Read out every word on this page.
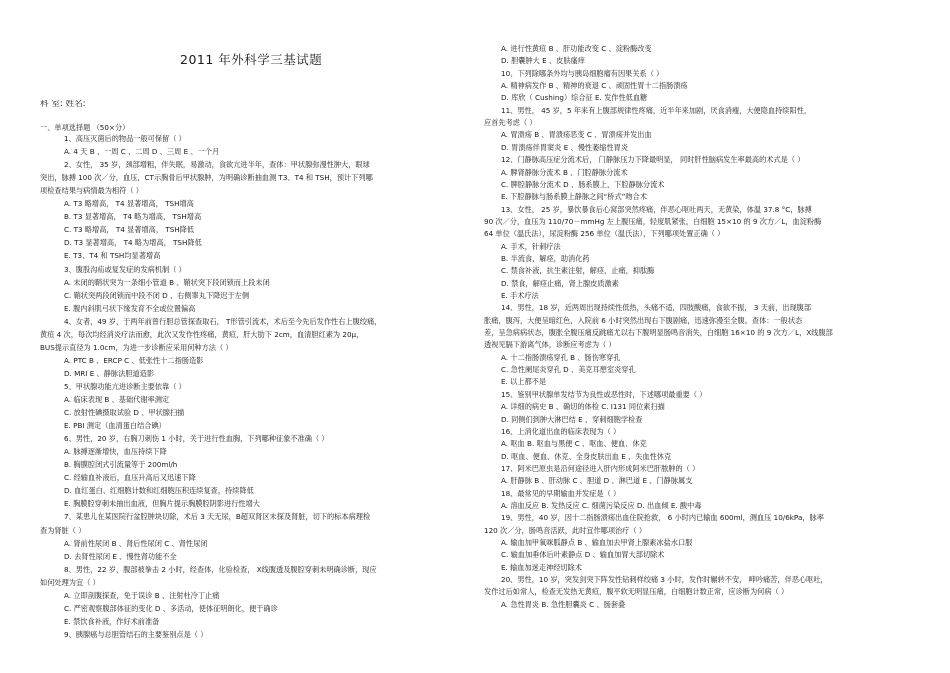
2011 年外科学三基试题
科 室: 姓名:
一、单项选择题 （50×分）
1、高压灭菌后的物品一般可保留（ ）
A. 4 天 B 、一周 C 、二周 D 、三周 E 、一个月
2、女性， 35 岁，颈部增粗，伴失眠，易激动，食欲亢进半年，查体：甲状腺弥漫性肿大，眼球
突出，脉搏 100 次／分，血压，CT示胸骨后甲状腺肿，为明确诊断抽血测 T3、T4 和 TSH，预计下列哪
项检查结果与病情最为相符（ ）
A. T3 略增高， T4 显著增高， TSH增高
B. T3 显著增高， T4 略为增高， TSH增高
C. T3 略增高， T4 显著增高， TSH降低
D. T3 显著增高， T4 略为增高， TSH降低
E. T3、T4 和 TSH均显著增高
3、腹股沟疝或复发症的发病机制（ ）
A. 未闭的鞘状突为一条细小管道 B 、鞘状突下段闭锁而上段未闭
C. 鞘状突两段闭锁而中段不闭 D 、右侧睾丸下降迟于左侧
E. 腹内斜肌弓状下缘发育不全或位置偏高
4、女者，49 岁，于两年前曾行胆总管探查取石， T形管引流术，术后至今先后发作性右上腹绞痛，
黄疸 4 次，每次均经消炎疗法而愈，此次又发作性疼痛，黄疸，肝大肋下 2cm，血清胆红素为 20μ，
BUS提示直径为 1.0cm，为进一步诊断应采用何种方法（ ）
A. PTC B 、ERCP C 、低张性十二指肠造影
D. MRI E 、静脉法胆道造影
5、甲状腺功能亢进诊断主要依靠（ ）
A. 临床表现 B 、基础代谢率测定
C. 放射性碘摄取试验 D 、甲状腺扫描
E. PBI 测定（血清蛋白结合碘）
6、男性，20 岁，右胸刀刺伤 1 小时，关于进行性血胸，下列哪种征象不准确（ ）
A. 脉搏逐渐增快，血压持续下降
B. 胸膜腔闭式引流量等于 200ml/h
C. 经输血补液后，血压升高后又迅速下降
D. 血红蛋白、红细胞计数和红细胞压积连续复查，持续降低
E. 胸膜腔穿刺未抽出血液，但胸片提示胸膜腔阴影进行性增大
7、某患儿在某医院行盆腔肿块切除，术后 3 天无尿，B超双肾区未探及肾脏，切下的标本病理检
查为肾脏（ ）
A. 肾前性尿闭 B 、肾后性尿闭 C 、肾性尿闭
D. 去肾性尿闭 E 、慢性肾功能不全
8、男性，22 岁，腹部被拳击 2 小时，经查体，化验检查， X线腹透及腹腔穿刺未明确诊断，现应
如何处理为宜（ ）
A. 立即剖腹探查，免于误诊 B 、注射杜冷丁止痛
C. 严密观察腹部体征的变化 D 、多活动，使体征明朗化，便于确诊
E. 禁饮食补液，作好术前准备
9、胰腺癌与总胆管结石的主要鉴别点是（ ）
A. 进行性黄疸 B 、肝功能改变 C 、淀粉酶改变
D. 胆囊肿大 E 、皮肤瘙痒
10、下列除哪条外均与胰岛细胞瘤有因果关系（ ）
A. 精神病发作 B 、精神的衰退 C 、顽固性胃十二指肠溃疡
D. 库欣（ Cushing）综合征 E. 发作性低血糖
11、男性， 45 岁，5 年来有上腹部规律性疼痛，近半年来加剧，厌食消瘦，大便隐血持续阳性，
应首先考虑（ ）
A. 胃溃疡 B 、胃溃疡恶变 C 、胃溃疡并发出血
D. 胃溃疡伴胃窦炎 E 、慢性萎缩性胃炎
12、门静脉高压症分流术后， 门静脉压力下降最明显， 同时肝性脑病发生率最高的术式是（ ）
A. 脾肾静脉分流术 B 、门腔静脉分流术
C. 脾腔静脉分流术 D 、肠系膜上，下腔静脉分流术
E. 下腔静脉与肠系膜上静脉之间“桥式”吻合术
13、女性， 25 岁，暴饮暴食后心窝部突然疼痛，伴恶心呕吐两天，无黄染，体温 37.8 °C，脉搏
90 次／分，血压为 110/70－mmHg 左上腹压痛，轻度肌紧张，白细胞 15×10 的 9 次方／L，血淀粉酶
64 单位（温氏法），尿淀粉酶 256 单位（温氏法），下列哪项处置正确（ ）
A. 手术，针刺疗法
B. 半流食，解痉，助消化药
C. 禁食补液，抗生素注射，解痉，止痛，抑肽酶
D. 禁食，解痉止痛，肾上腺皮质激素
E. 手术疗法
14、男性，18 岁，近两周出现持续性低热，头痛不适，四肢酸痛，食欲不振， 3 天前，出现腹部
胀痛，腹泻，大便呈暗红色，入院前 6 小时突然出现右下腹剧痛，迅速弥漫至全腹。查体：一般状态
差，呈急病病状态，腹胀全腹压痛反跳痛尤以右下腹明显肠鸣音消失，白细胞 16×10 的 9 次方／L，X线腹部
透视见膈下游离气体，诊断应考虑为（ ）
A. 十二指肠溃疡穿孔 B 、肠伤寒穿孔
C. 急性阑尾炎穿孔 D 、美克耳憩室炎穿孔
E. 以上都不是
15、鉴别甲状腺单发结节为良性或恶性时，下述哪项最重要（ ）
A. 详细的病史 B 、确切的体检 C. I131 同位素扫描
D. 同侧们到肿大淋巴结 E 、穿刺细胞学检查
16、上消化道出血的临床表现为（ ）
A. 呕血 B. 呕血与黑便 C 、呕血、便血、休克
D. 呕血、便血、休克、全身皮肤出血 E 、失血性休克
17、阿米巴原虫是沿何途径进入肝内形成阿米巴肝脓肿的（ ）
A. 肝静脉 B 、肝动脉 C 、胆道 D 、淋巴道 E 、门静脉属支
18、最常见的早期输血并发症是（ ）
A. 溶血反应 B. 发热反应 C. 细菌污染反应 D. 出血倾 E. 酸中毒
19、男性，40 岁，因十二指肠溃疡出血住院抢救， 6 小时内已输血 600ml，测血压 10/6kPa，脉率
120 次／分，肠鸣音活跃，此时宜作哪项治疗（ ）
A. 输血加甲氧咪胍静点 B 、输血加去甲肾上腺素冰盐水口服
C. 输血加垂体后叶素静点 D 、输血加胃大部切除术
E. 输血加迷走神经切除术
20、男性，10 岁，突发剑突下阵发性钻刺样绞痛 3 小时，发作时辗转不安， 呻吟痛苦，伴恶心呕吐，
发作过后如常人，检查无发热无黄疸，腹平软无明显压痛，白细胞计数正常，应诊断为何病（ ）
A. 急性胃炎 B. 急性胆囊炎 C 、肠套叠
